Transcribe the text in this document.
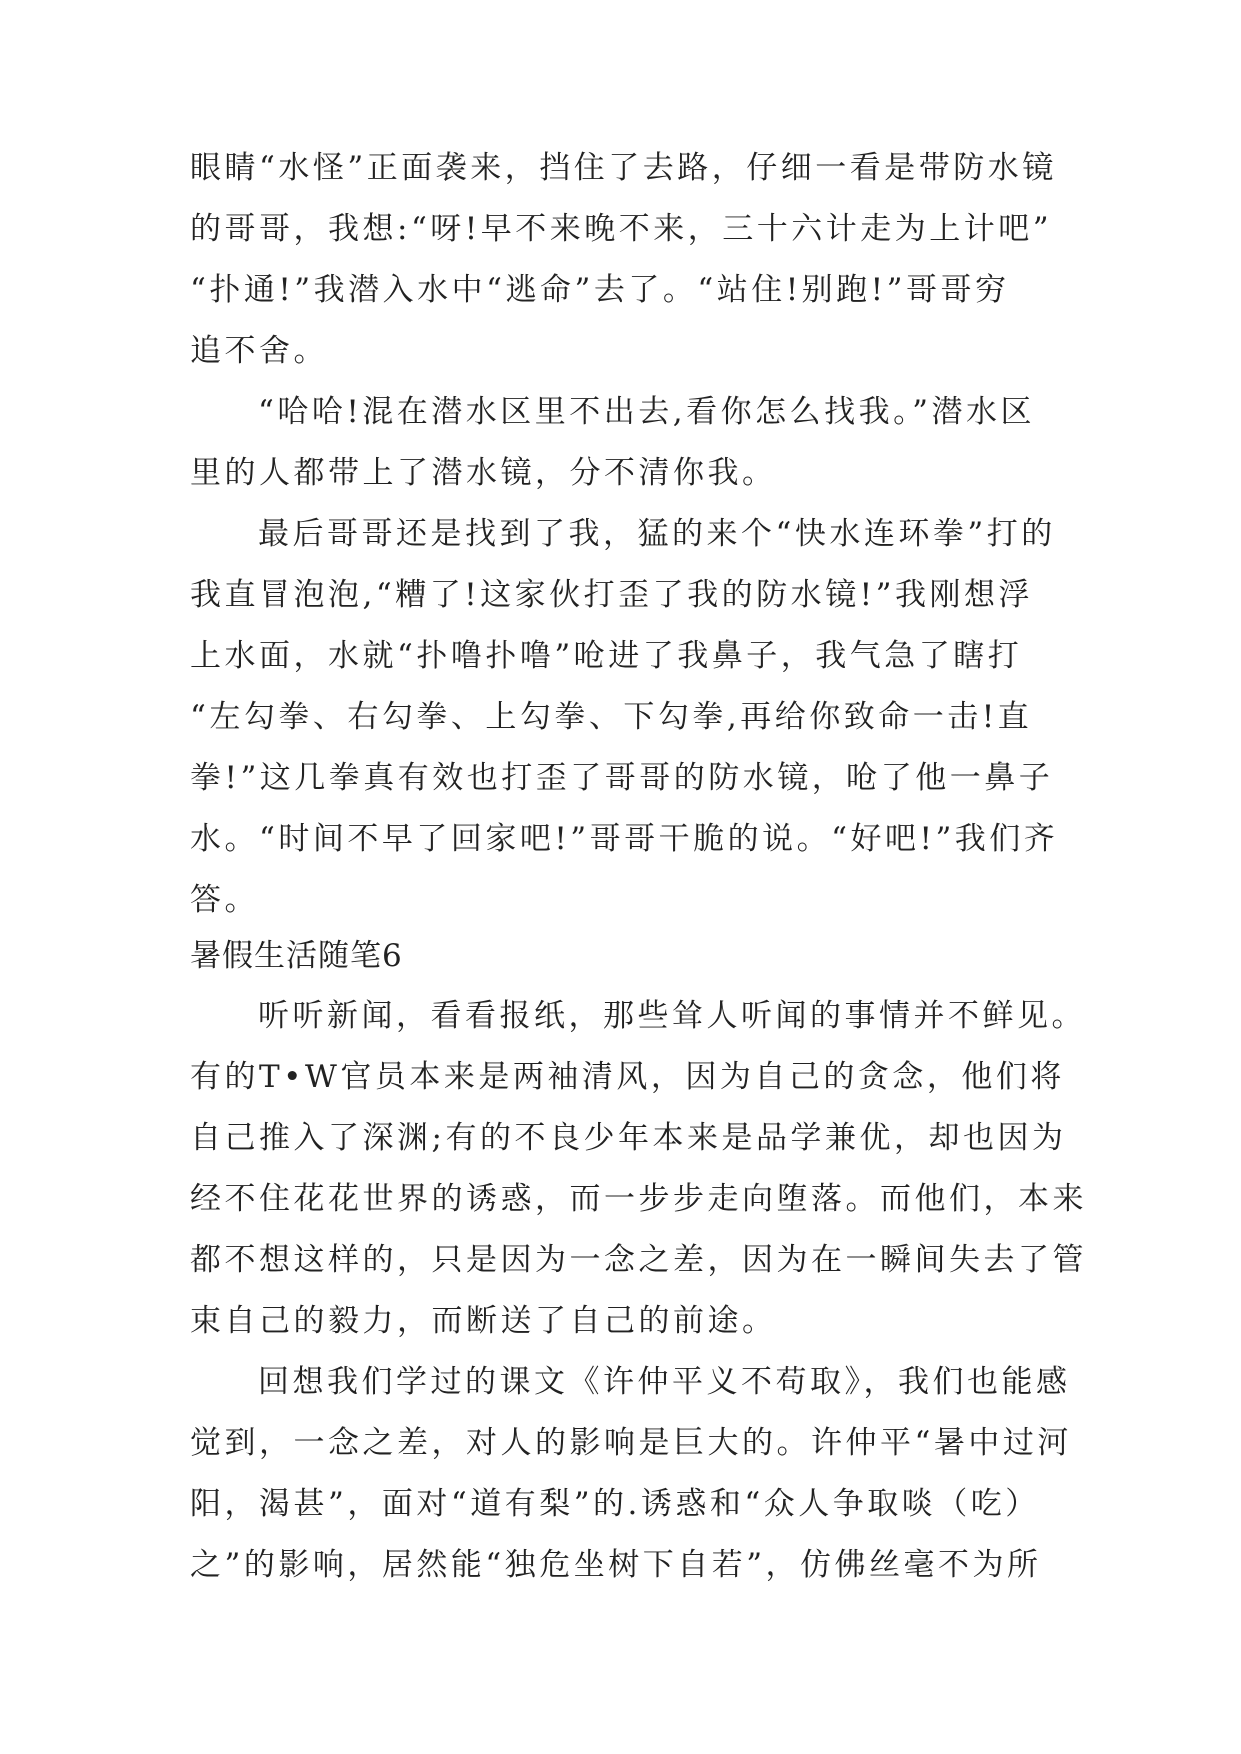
眼睛“水怪”正面袭来，挡住了去路，仔细一看是带防水镜

的哥哥，我想:“呀!早不来晚不来，三十六计走为上计吧”

“扑通!”我潜入水中“逃命”去了。“站住!别跑!”哥哥穷

追不舍。

“哈哈!混在潜水区里不出去,看你怎么找我。”潜水区

里的人都带上了潜水镜，分不清你我。

最后哥哥还是找到了我，猛的来个“快水连环拳”打的

我直冒泡泡,“糟了!这家伙打歪了我的防水镜!”我刚想浮

上水面，水就“扑噜扑噜”呛进了我鼻子，我气急了瞎打

“左勾拳、右勾拳、上勾拳、下勾拳,再给你致命一击!直

拳!”这几拳真有效也打歪了哥哥的防水镜，呛了他一鼻子

水。“时间不早了回家吧!”哥哥干脆的说。“好吧!”我们齐

答。

暑假生活随笔6

听听新闻，看看报纸，那些耸人听闻的事情并不鲜见。

有的T•W官员本来是两袖清风，因为自己的贪念，他们将

自己推入了深渊;有的不良少年本来是品学兼优，却也因为

经不住花花世界的诱惑，而一步步走向堕落。而他们，本来

都不想这样的，只是因为一念之差，因为在一瞬间失去了管

束自己的毅力，而断送了自己的前途。

回想我们学过的课文《许仲平义不苟取》，我们也能感

觉到，一念之差，对人的影响是巨大的。许仲平“暑中过河

阳，渴甚”，面对“道有梨”的.诱惑和“众人争取啖（吃）

之”的影响，居然能“独危坐树下自若”，仿佛丝毫不为所
